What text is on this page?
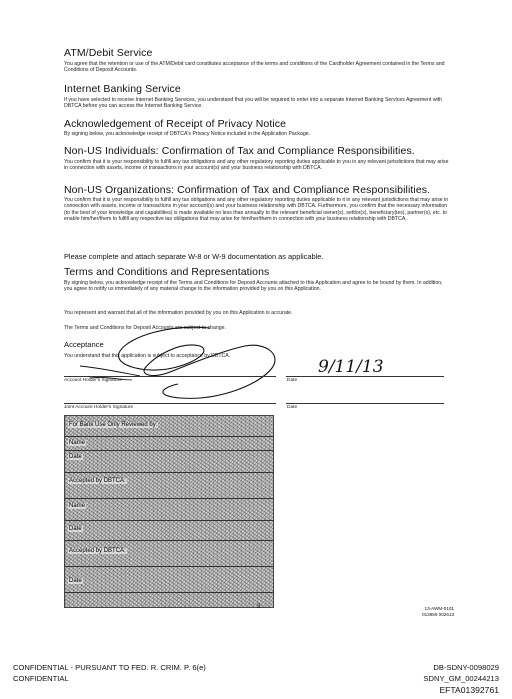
ATM/Debit Service
You agree that the retention or use of the ATM/Debit card constitutes acceptance of the terms and conditions of the Cardholder Agreement contained in the Terms and Conditions of Deposit Accounts.
Internet Banking Service
If you have selected to receive Internet Banking Services, you understand that you will be required to enter into a separate Internet Banking Services Agreement with DBTCA before you can access the Internet Banking Service.
Acknowledgement of Receipt of Privacy Notice
By signing below, you acknowledge receipt of DBTCA's Privacy Notice included in the Application Package.
Non-US Individuals: Confirmation of Tax and Compliance Responsibilities.
You confirm that it is your responsibility to fulfill any tax obligations and any other regulatory reporting duties applicable to you in any relevant jurisdictions that may arise in connection with assets, income or transactions in your account(s) and your business relationship with DBTCA.
Non-US Organizations: Confirmation of Tax and Compliance Responsibilities.
You confirm that it is your responsibility to fulfill any tax obligations and any other regulatory reporting duties applicable to it in any relevant jurisdictions that may arise in connection with assets, income or transactions in your account(s) and your business relationship with DBTCA. Furthermore, you confirm that the necessary information (to the best of your knowledge and capabilities) is made available no less than annually to the relevant beneficial owner(s), settlor(s), beneficiary(ies), partner(s), etc. to enable him/her/them to fulfill any respective tax obligations that may arise for him/her/them in connection with your business relationship with DBTCA.
Please complete and attach separate W-8 or W-9 documentation as applicable.
Terms and Conditions and Representations
By signing below, you acknowledge receipt of the Terms and Conditions for Deposit Accounts attached to this Application and agree to be bound by them. In addition, you agree to notify us immediately of any material change to the information provided by you on this Application.
You represent and warrant that all of the information provided by you on this Application is accurate.
The Terms and Conditions for Deposit Accounts are subject to change.
Acceptance
You understand that this application is subject to acceptance by DBTCA.
9/11/13
Account Holder's Signature	Date
Joint Account Holder's Signature	Date
For Bank Use Only Reviewed by:
Name
Date
Accepted by DBTCA:
Name
Date
Accepted by DBTCA:
Date
3	13-AWM-0101
013959 002613
CONFIDENTIAL - PURSUANT TO FED. R. CRIM. P. 6(e)
CONFIDENTIAL
DB-SDNY-0098029
SDNY_GM_00244213
EFTA01392761
